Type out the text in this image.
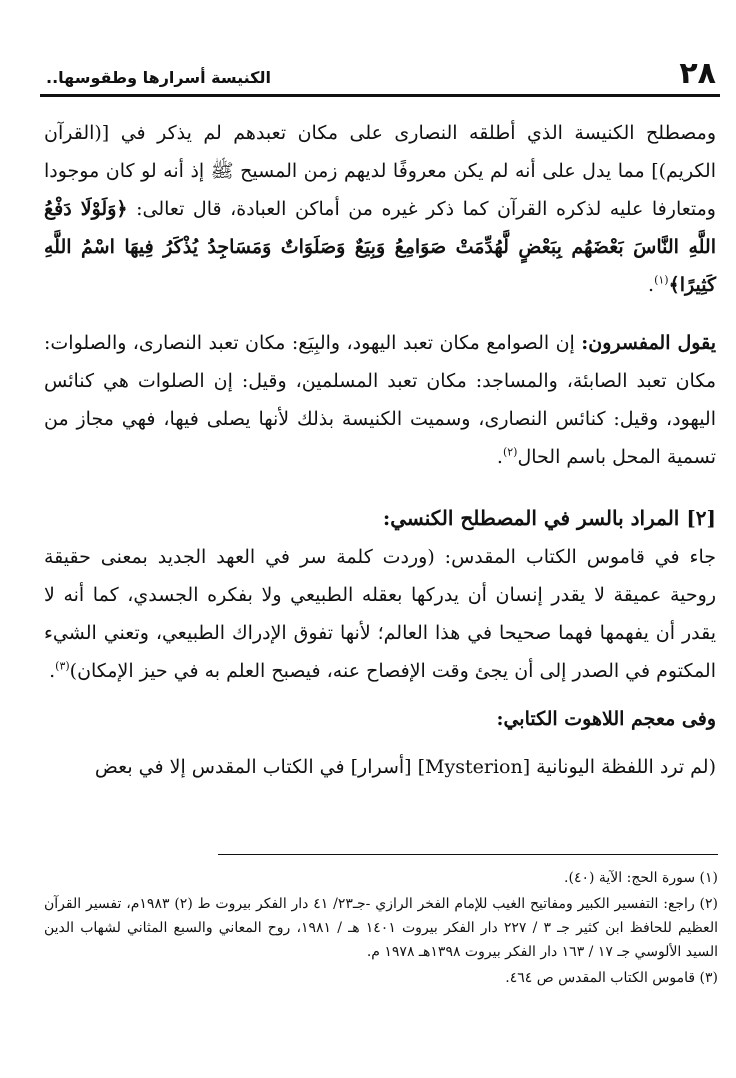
٢٨
الكنيسة أسرارها وطقوسها..

ومصطلح الكنيسة الذي أطلقه النصارى على مكان تعبدهم لم يذكر في [(القرآن الكريم)] مما يدل على أنه لم يكن معروفًا لديهم زمن المسيح ﷺ إذ أنه لو كان موجودا ومتعارفا عليه لذكره القرآن كما ذكر غيره من أماكن العبادة، قال تعالى: ﴿وَلَوْلَا دَفْعُ اللَّهِ النَّاسَ بَعْضَهُم بِبَعْضٍ لَّهُدِّمَتْ صَوَامِعُ وَبِيَعٌ وَصَلَوَاتٌ وَمَسَاجِدُ يُذْكَرُ فِيهَا اسْمُ اللَّهِ كَثِيرًا﴾$^{(١)}$.

يقول المفسرون: إن الصوامع مكان تعبد اليهود، والبِيَع: مكان تعبد النصارى، والصلوات: مكان تعبد الصابئة، والمساجد: مكان تعبد المسلمين، وقيل: إن الصلوات هي كنائس اليهود، وقيل: كنائس النصارى، وسميت الكنيسة بذلك لأنها يصلى فيها، فهي مجاز من تسمية المحل باسم الحال$^{(٢)}$.

[٢] المراد بالسر في المصطلح الكنسي:

جاء في قاموس الكتاب المقدس: (وردت كلمة سر في العهد الجديد بمعنى حقيقة روحية عميقة لا يقدر إنسان أن يدركها بعقله الطبيعي ولا بفكره الجسدي، كما أنه لا يقدر أن يفهمها فهما صحيحا في هذا العالم؛ لأنها تفوق الإدراك الطبيعي، وتعني الشيء المكتوم في الصدر إلى أن يجئ وقت الإفصاح عنه، فيصبح العلم به في حيز الإمكان)$^{(٣)}$.

وفى معجم اللاهوت الكتابي:

(لم ترد اللفظة اليونانية [Mysterion] [أسرار] في الكتاب المقدس إلا في بعض

(١) سورة الحج: الآية (٤٠).

(٢) راجع: التفسير الكبير ومفاتيح الغيب للإمام الفخر الرازي -جـ٢٣/ ٤١ دار الفكر بيروت ط (٢) ١٩٨٣م، تفسير القرآن العظيم للحافظ ابن كثير جـ ٣ / ٢٢٧ دار الفكر بيروت ١٤٠١ هـ / ١٩٨١، روح المعاني والسبع المثاني لشهاب الدين السيد الألوسي جـ ١٧ / ١٦٣ دار الفكر بيروت ١٣٩٨هـ ١٩٧٨ م.

(٣) قاموس الكتاب المقدس ص ٤٦٤.
